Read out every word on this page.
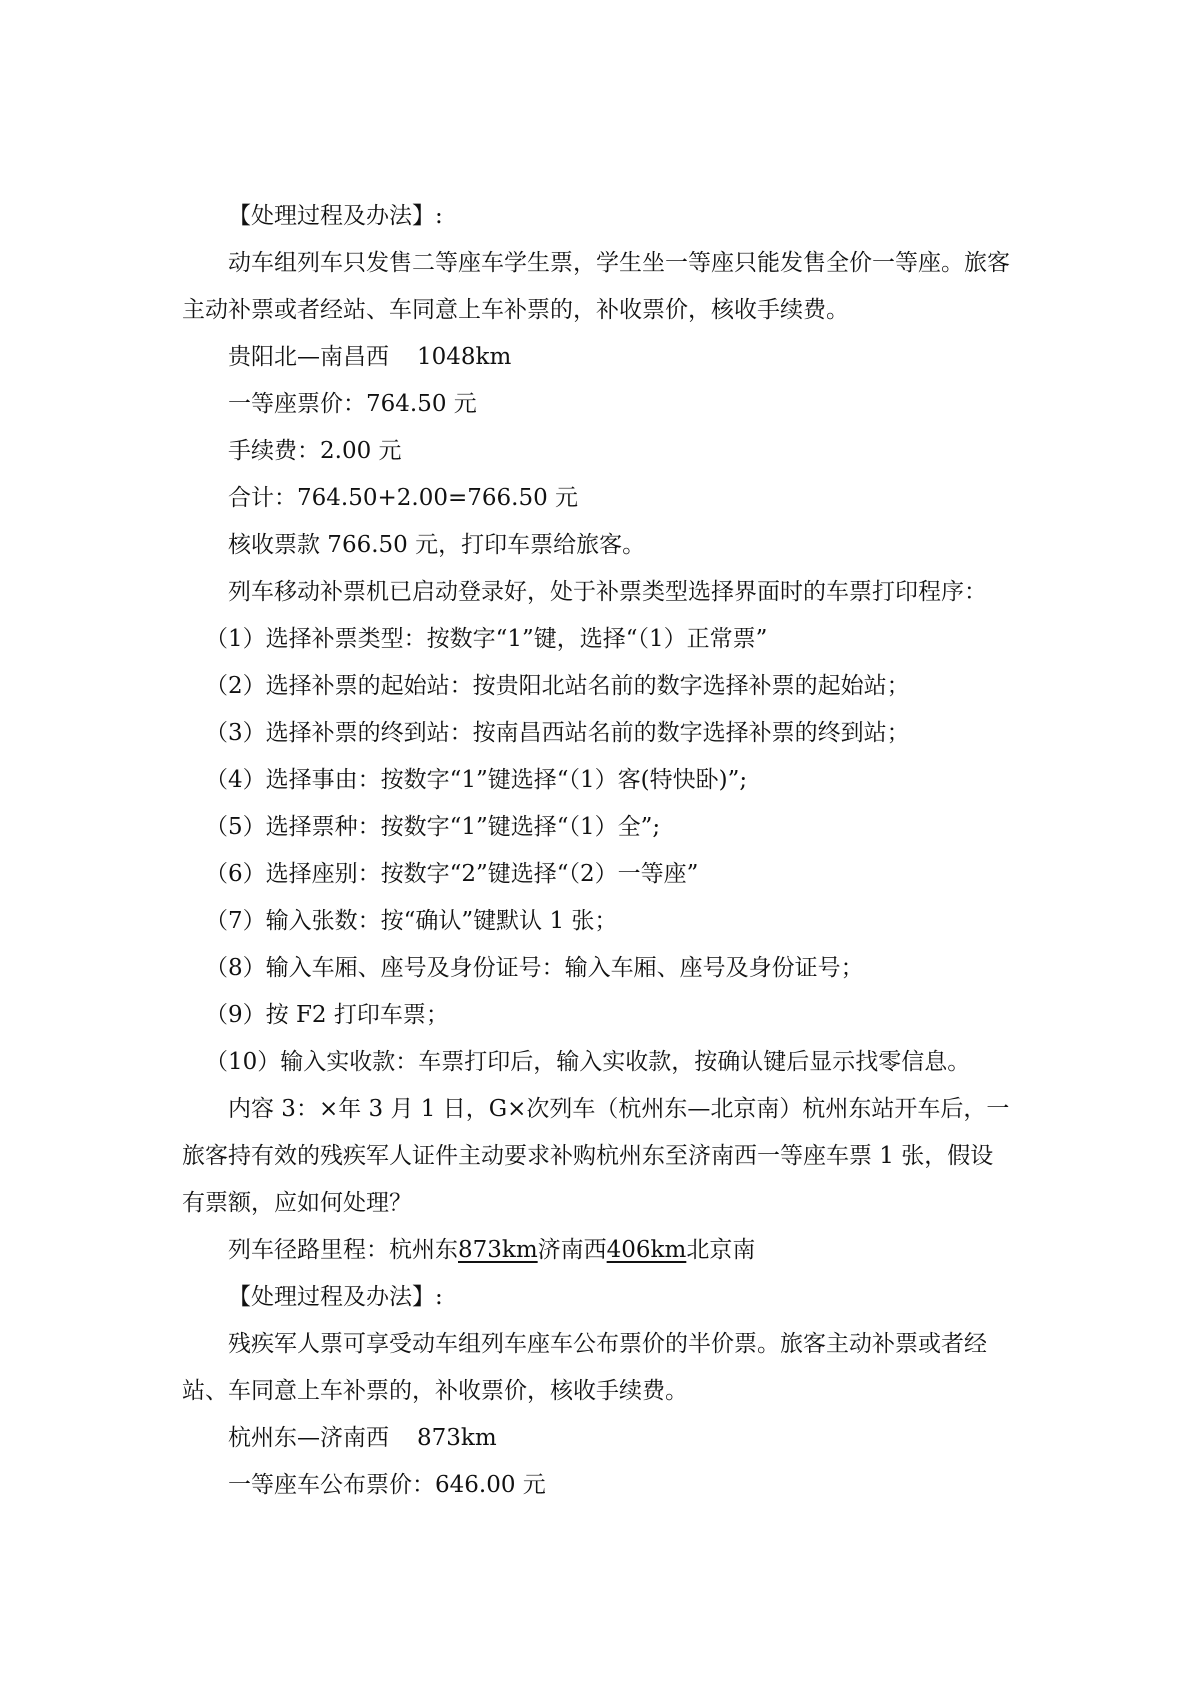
【处理过程及办法】:

动车组列车只发售二等座车学生票，学生坐一等座只能发售全价一等座。旅客主动补票或者经站、车同意上车补票的，补收票价，核收手续费。

贵阳北—南昌西 1048km

一等座票价：764.50 元

手续费：2.00 元

合计：764.50+2.00=766.50 元

核收票款 766.50 元，打印车票给旅客。

列车移动补票机已启动登录好，处于补票类型选择界面时的车票打印程序：

（1）选择补票类型：按数字“1”键，选择“（1）正常票”

（2）选择补票的起始站：按贵阳北站名前的数字选择补票的起始站；

（3）选择补票的终到站：按南昌西站名前的数字选择补票的终到站；

（4）选择事由：按数字“1”键选择“（1）客(特快卧)”;

（5）选择票种：按数字“1”键选择“（1）全”;

（6）选择座别：按数字“2”键选择“（2）一等座”

（7）输入张数：按“确认”键默认 1 张；

（8）输入车厢、座号及身份证号：输入车厢、座号及身份证号；

（9）按 F2 打印车票；

（10）输入实收款：车票打印后，输入实收款，按确认键后显示找零信息。

内容 3：×年 3 月 1 日，G×次列车（杭州东—北京南）杭州东站开车后，一旅客持有效的残疾军人证件主动要求补购杭州东至济南西一等座车票 1 张，假设有票额，应如何处理？

列车径路里程：杭州东873km济南西406km北京南

【处理过程及办法】:

残疾军人票可享受动车组列车座车公布票价的半价票。旅客主动补票或者经站、车同意上车补票的，补收票价，核收手续费。

杭州东—济南西 873km

一等座车公布票价：646.00 元
